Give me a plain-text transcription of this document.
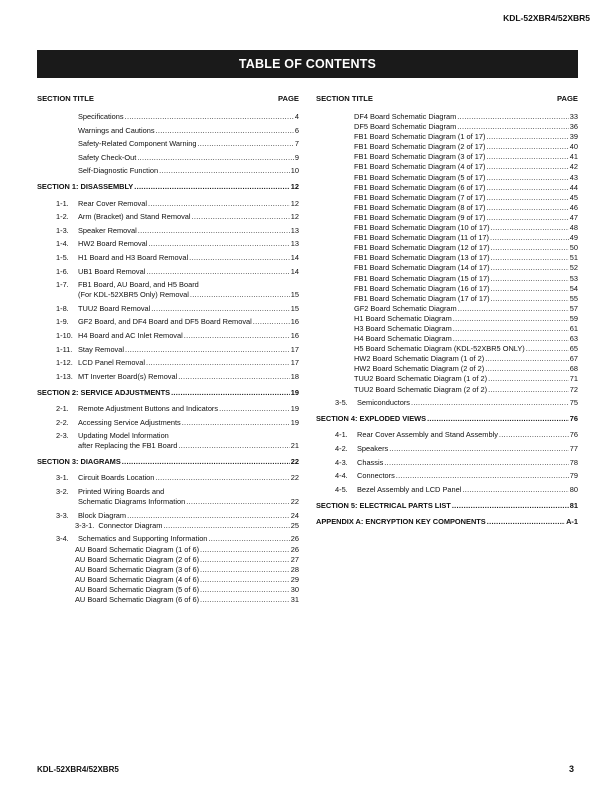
KDL-52XBR4/52XBR5
TABLE OF CONTENTS
SECTION TITLE	PAGE
Specifications .....	4
Warnings and Cautions .....	6
Safety-Related Component Warning .....	7
Safety Check-Out .....	9
Self-Diagnostic Function .....	10
SECTION 1: DISASSEMBLY .....	12
1-1. Rear Cover Removal .....	12
1-2. Arm (Bracket) and Stand Removal .....	12
1-3. Speaker Removal .....	13
1-4. HW2 Board Removal .....	13
1-5. H1 Board and H3 Board Removal .....	14
1-6. UB1 Board Removal .....	14
1-7. FB1 Board, AU Board, and H5 Board
(For KDL-52XBR5 Only) Removal .....	15
1-8. TUU2 Board Removal .....	15
1-9. GF2 Board, and DF4 Board and DF5 Board Removal .....	16
1-10. H4 Board and AC Inlet Removal .....	16
1-11. Stay Removal .....	17
1-12. LCD Panel Removal .....	17
1-13. MT Inverter Board(s) Removal .....	18
SECTION 2: SERVICE ADJUSTMENTS .....	19
2-1. Remote Adjustment Buttons and Indicators .....	19
2-2. Accessing Service Adjustments .....	19
2-3. Updating Model Information
after Replacing the FB1 Board .....	21
SECTION 3: DIAGRAMS .....	22
3-1. Circuit Boards Location .....	22
3-2. Printed Wiring Boards and
Schematic Diagrams Information .....	22
3-3. Block Diagram .....	24
3-3-1. Connector Diagram .....	25
3-4. Schematics and Supporting Information .....	26
AU Board Schematic Diagram (1 of 6) .....	26
AU Board Schematic Diagram (2 of 6) .....	27
AU Board Schematic Diagram (3 of 6) .....	28
AU Board Schematic Diagram (4 of 6) .....	29
AU Board Schematic Diagram (5 of 6) .....	30
AU Board Schematic Diagram (6 of 6) .....	31
SECTION TITLE	PAGE
DF4 Board Schematic Diagram .....	33
DF5 Board Schematic Diagram .....	36
FB1 Board Schematic Diagram (1 of 17) .....	39
FB1 Board Schematic Diagram (2 of 17) .....	40
FB1 Board Schematic Diagram (3 of 17) .....	41
FB1 Board Schematic Diagram (4 of 17) .....	42
FB1 Board Schematic Diagram (5 of 17) .....	43
FB1 Board Schematic Diagram (6 of 17) .....	44
FB1 Board Schematic Diagram (7 of 17) .....	45
FB1 Board Schematic Diagram (8 of 17) .....	46
FB1 Board Schematic Diagram (9 of 17) .....	47
FB1 Board Schematic Diagram (10 of 17) .....	48
FB1 Board Schematic Diagram (11 of 17) .....	49
FB1 Board Schematic Diagram (12 of 17) .....	50
FB1 Board Schematic Diagram (13 of 17) .....	51
FB1 Board Schematic Diagram (14 of 17) .....	52
FB1 Board Schematic Diagram (15 of 17) .....	53
FB1 Board Schematic Diagram (16 of 17) .....	54
FB1 Board Schematic Diagram (17 of 17) .....	55
GF2 Board Schematic Diagram .....	57
H1 Board Schematic Diagram .....	59
H3 Board Schematic Diagram .....	61
H4 Board Schematic Diagram .....	63
H5 Board Schematic Diagram (KDL-52XBR5 ONLY) .....	65
HW2 Board Schematic Diagram (1 of 2) .....	67
HW2 Board Schematic Diagram (2 of 2) .....	68
TUU2 Board Schematic Diagram (1 of 2) .....	71
TUU2 Board Schematic Diagram (2 of 2) .....	72
3-5. Semiconductors .....	75
SECTION 4: EXPLODED VIEWS .....	76
4-1. Rear Cover Assembly and Stand Assembly .....	76
4-2. Speakers .....	77
4-3. Chassis .....	78
4-4. Connectors .....	79
4-5. Bezel Assembly and LCD Panel .....	80
SECTION 5: ELECTRICAL PARTS LIST .....	81
APPENDIX A: ENCRYPTION KEY COMPONENTS .....	A-1
KDL-52XBR4/52XBR5	3
